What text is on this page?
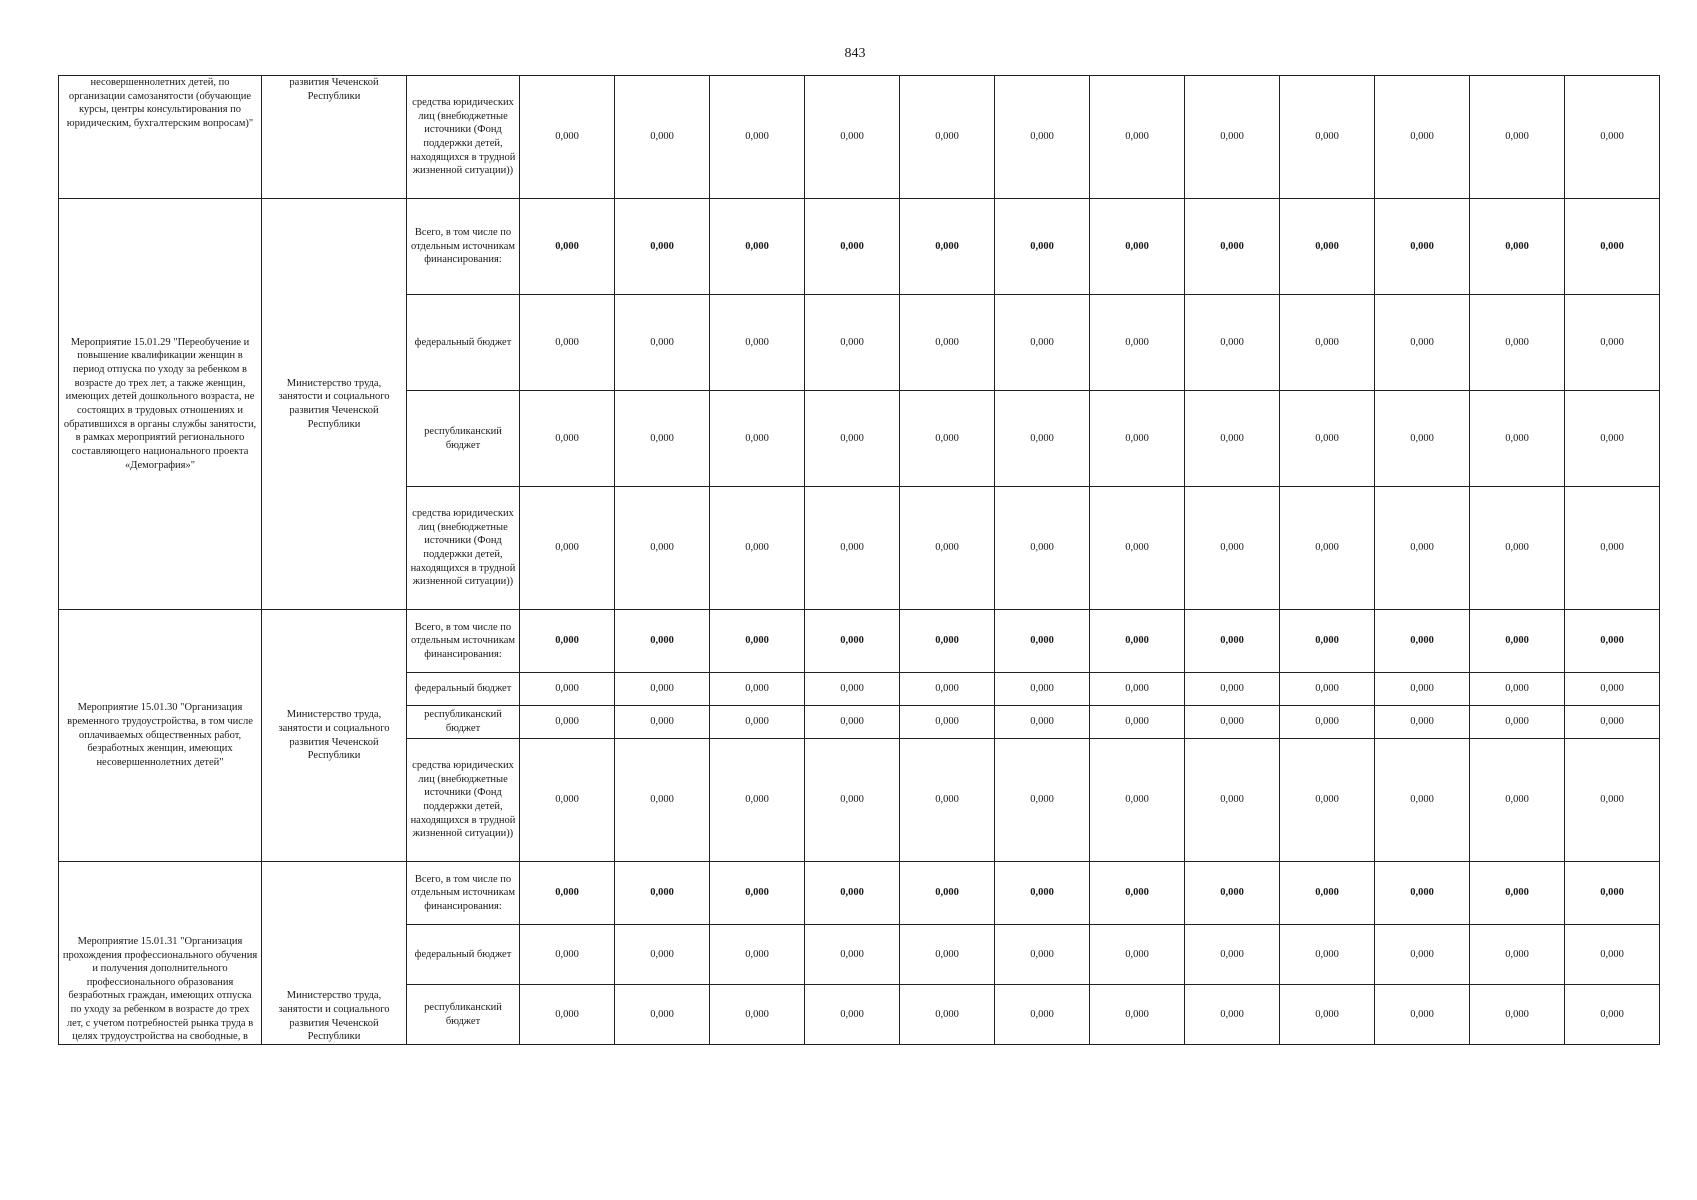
843
несовершеннолетних детей, по организации самозанятости (обучающие курсы, центры консультирования по юридическим, бухгалтерским вопросам)"	развития Чеченской Республики	средства юридических лиц (внебюджетные источники (Фонд поддержки детей, находящихся в трудной жизненной ситуации))	0,000	0,000	0,000	0,000	0,000	0,000	0,000	0,000	0,000	0,000	0,000	0,000
Мероприятие 15.01.29 "Переобучение и повышение квалификации женщин в период отпуска по уходу за ребенком в возрасте до трех лет, а также женщин, имеющих детей дошкольного возраста, не состоящих в трудовых отношениях и обратившихся в органы службы занятости, в рамках мероприятий регионального составляющего национального проекта «Демография»"	Министерство труда, занятости и социального развития Чеченской Республики	Всего, в том числе по отдельным источникам финансирования:	0,000	0,000	0,000	0,000	0,000	0,000	0,000	0,000	0,000	0,000	0,000	0,000
		федеральный бюджет	0,000	0,000	0,000	0,000	0,000	0,000	0,000	0,000	0,000	0,000	0,000	0,000
		республиканский бюджет	0,000	0,000	0,000	0,000	0,000	0,000	0,000	0,000	0,000	0,000	0,000	0,000
		средства юридических лиц (внебюджетные источники (Фонд поддержки детей, находящихся в трудной жизненной ситуации))	0,000	0,000	0,000	0,000	0,000	0,000	0,000	0,000	0,000	0,000	0,000	0,000
Мероприятие 15.01.30 "Организация временного трудоустройства, в том числе оплачиваемых общественных работ, безработных женщин, имеющих несовершеннолетних детей"	Министерство труда, занятости и социального развития Чеченской Республики	Всего, в том числе по отдельным источникам финансирования:	0,000	0,000	0,000	0,000	0,000	0,000	0,000	0,000	0,000	0,000	0,000	0,000
		федеральный бюджет	0,000	0,000	0,000	0,000	0,000	0,000	0,000	0,000	0,000	0,000	0,000	0,000
		республиканский бюджет	0,000	0,000	0,000	0,000	0,000	0,000	0,000	0,000	0,000	0,000	0,000	0,000
		средства юридических лиц (внебюджетные источники (Фонд поддержки детей, находящихся в трудной жизненной ситуации))	0,000	0,000	0,000	0,000	0,000	0,000	0,000	0,000	0,000	0,000	0,000	0,000
Мероприятие 15.01.31 "Организация прохождения профессионального обучения и получения дополнительного профессионального образования безработных граждан, имеющих отпуска по уходу за ребенком в возрасте до трех лет, с учетом потребностей рынка труда в целях трудоустройства на свободные, в	Министерство труда, занятости и социального развития Чеченской Республики	Всего, в том числе по отдельным источникам финансирования:	0,000	0,000	0,000	0,000	0,000	0,000	0,000	0,000	0,000	0,000	0,000	0,000
		федеральный бюджет	0,000	0,000	0,000	0,000	0,000	0,000	0,000	0,000	0,000	0,000	0,000	0,000
		республиканский бюджет	0,000	0,000	0,000	0,000	0,000	0,000	0,000	0,000	0,000	0,000	0,000	0,000
